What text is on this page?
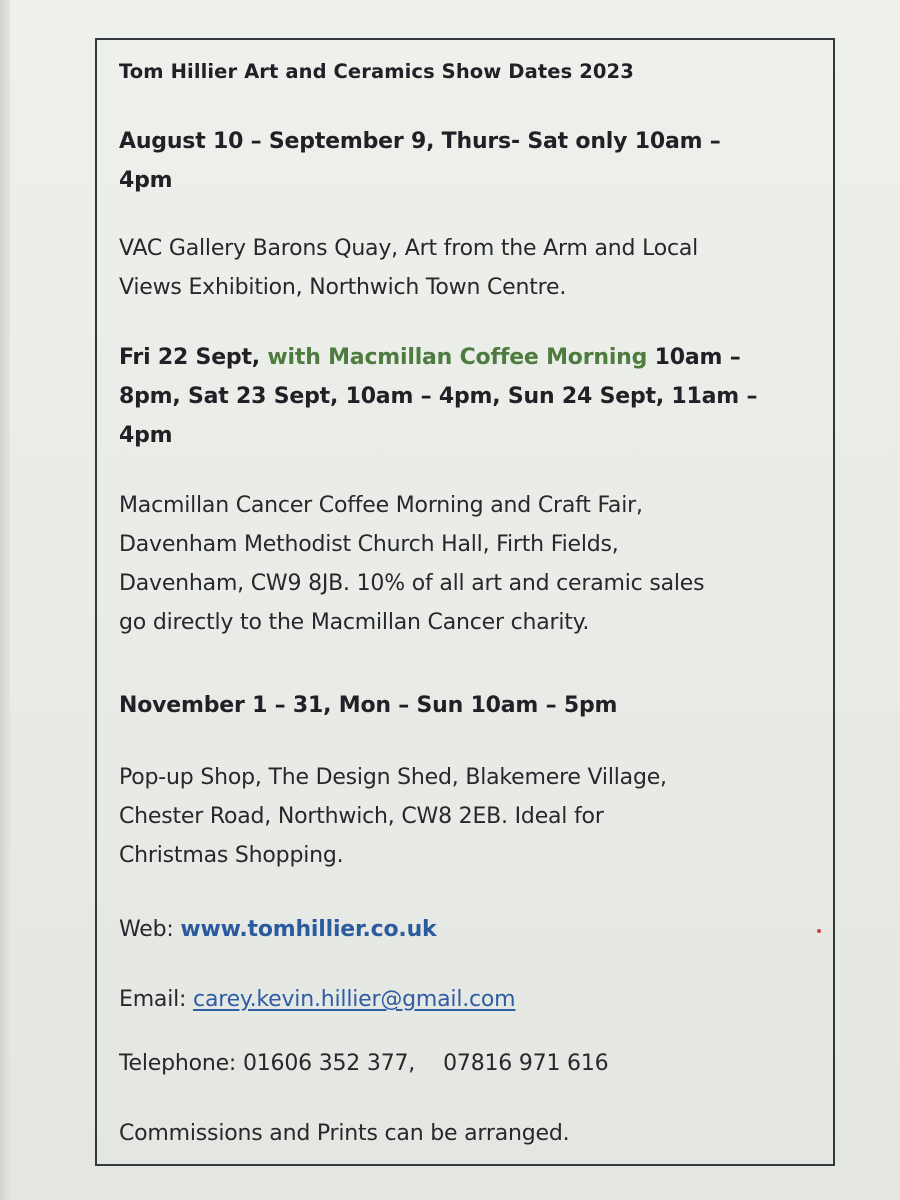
Tom Hillier Art and Ceramics Show Dates 2023

August 10 – September 9, Thurs- Sat only 10am –
4pm
VAC Gallery Barons Quay, Art from the Arm and Local
Views Exhibition, Northwich Town Centre.
Fri 22 Sept, with Macmillan Coffee Morning 10am –
8pm, Sat 23 Sept, 10am – 4pm, Sun 24 Sept, 11am –
4pm
Macmillan Cancer Coffee Morning and Craft Fair,
Davenham Methodist Church Hall, Firth Fields,
Davenham, CW9 8JB. 10% of all art and ceramic sales
go directly to the Macmillan Cancer charity.
November 1 – 31, Mon – Sun 10am – 5pm
Pop-up Shop, The Design Shed, Blakemere Village,
Chester Road, Northwich, CW8 2EB. Ideal for
Christmas Shopping.
Web: www.tomhillier.co.uk
Email: carey.kevin.hillier@gmail.com
Telephone: 01606 352 377, 07816 971 616
Commissions and Prints can be arranged.
